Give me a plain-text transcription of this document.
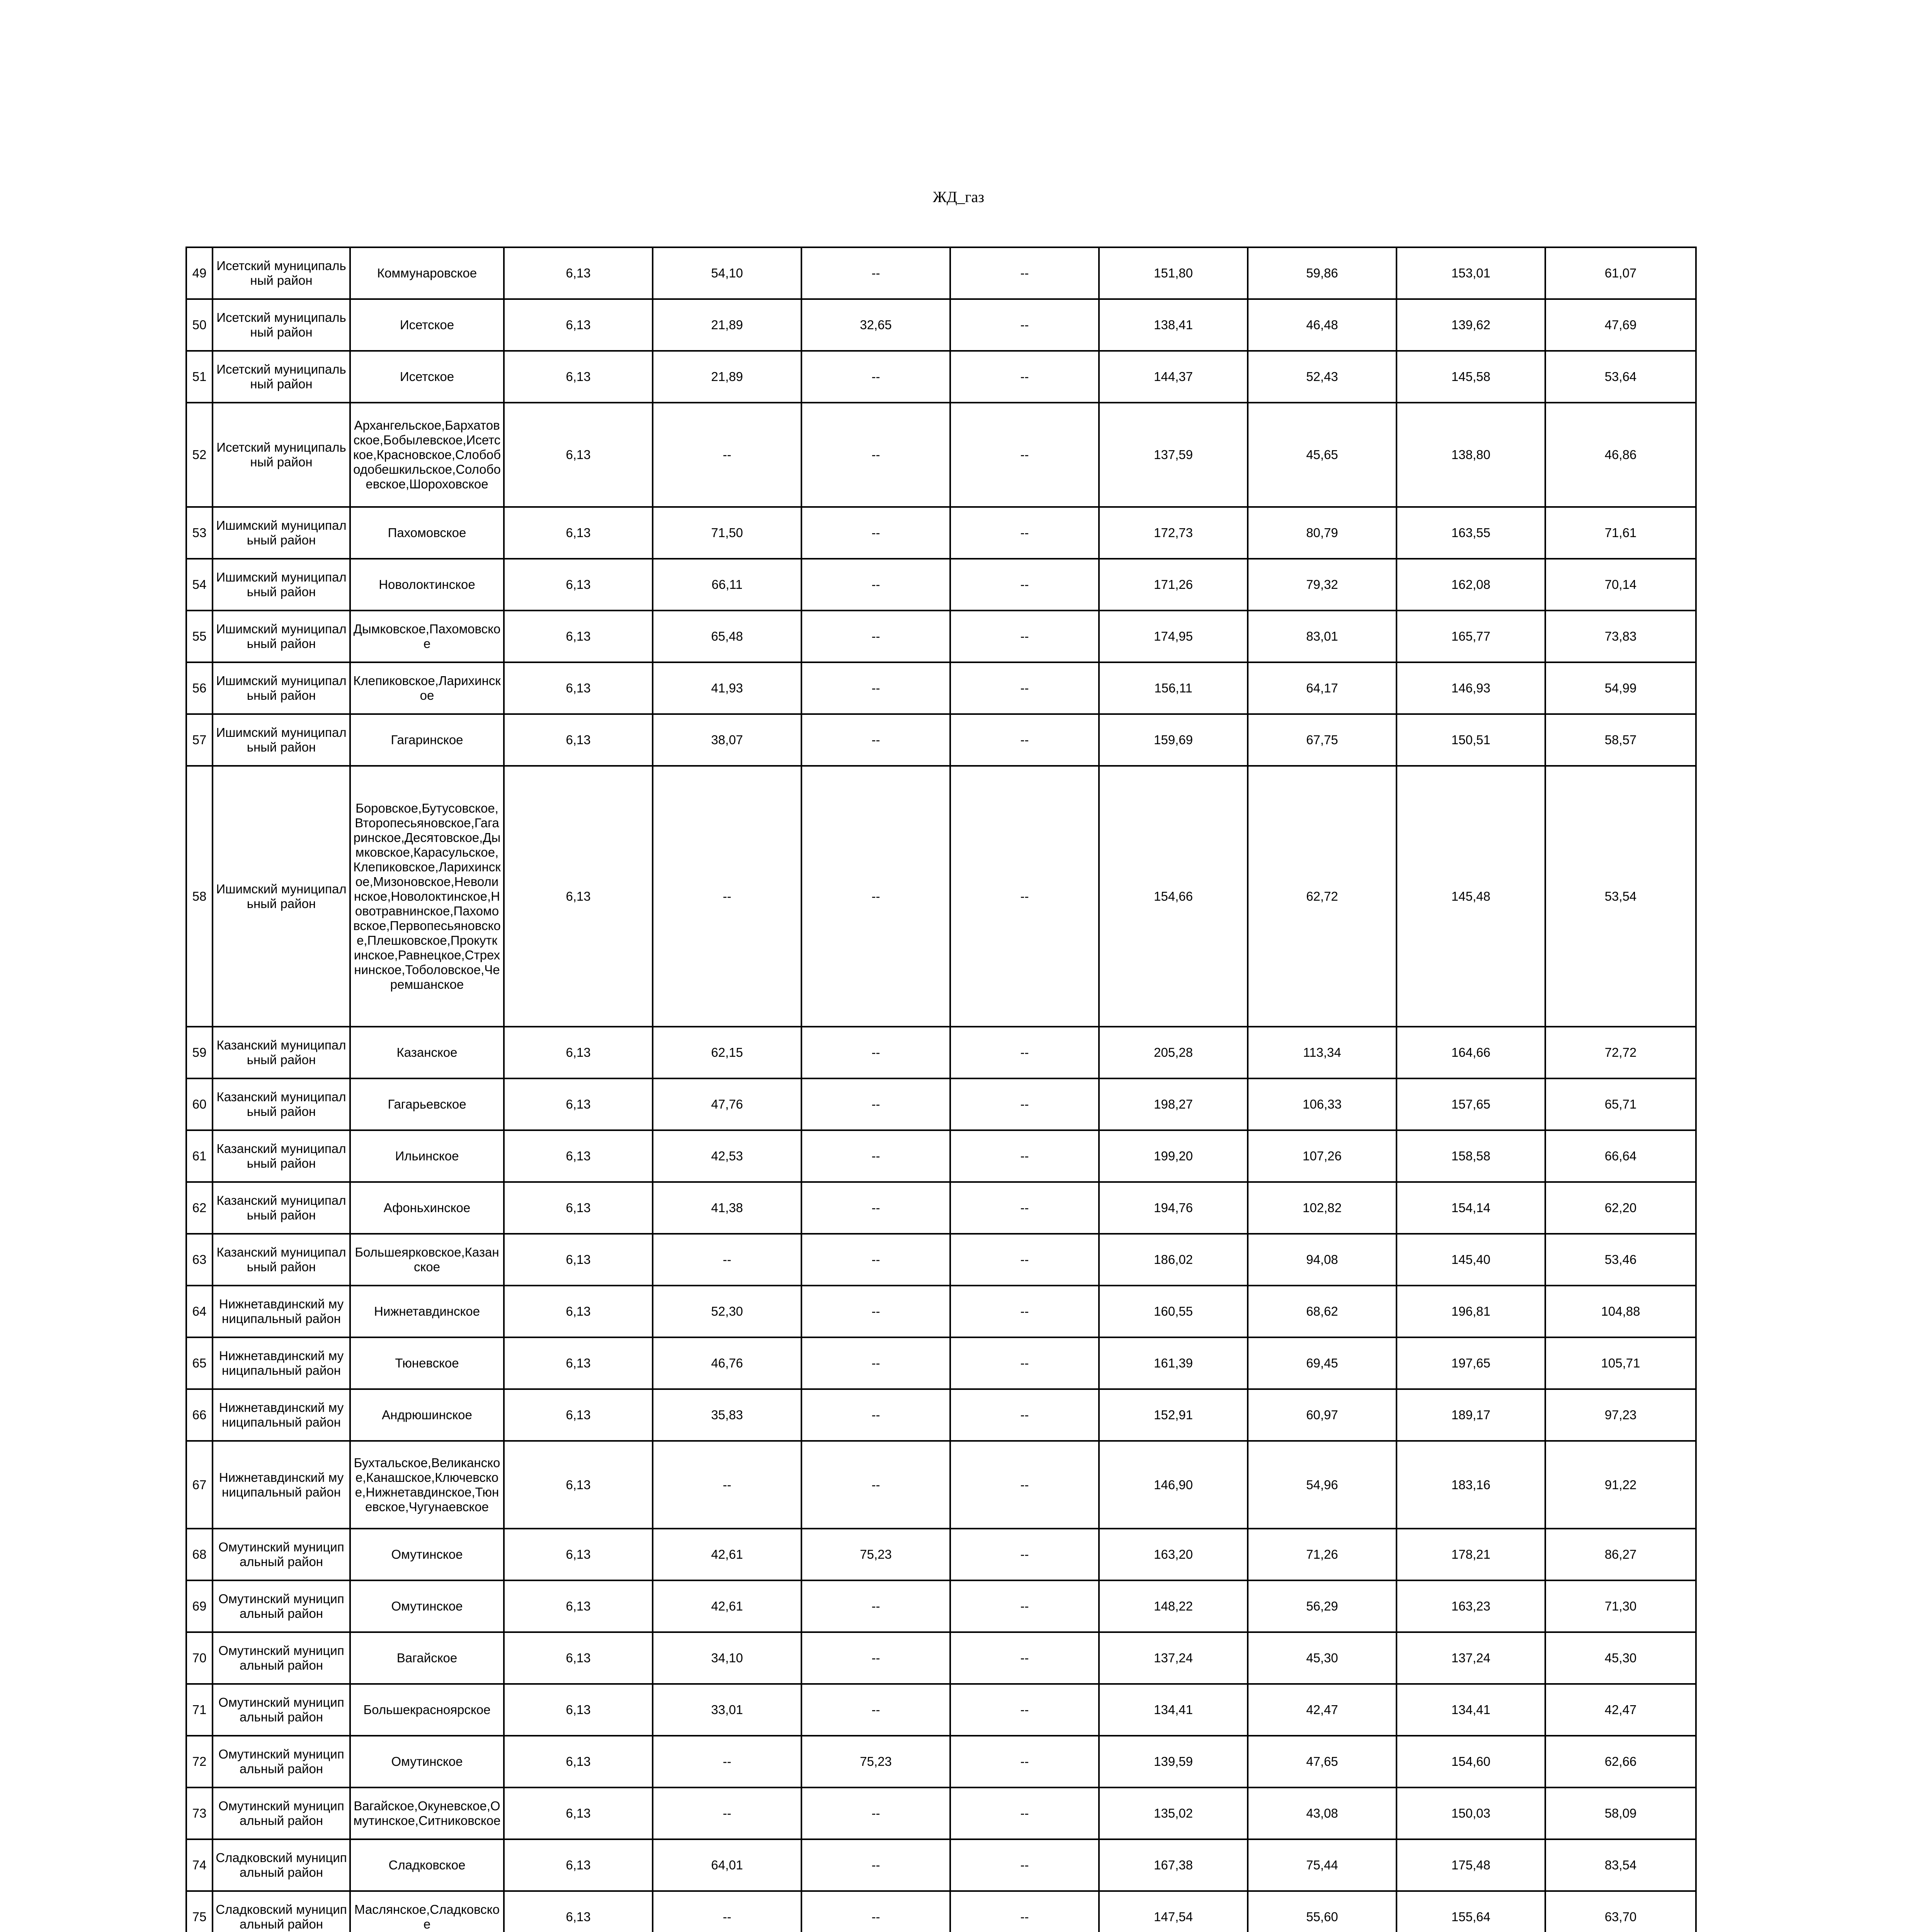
ЖД_газ
49	Исетский муниципальный район	Коммунаровское	6,13	54,10	--	--	151,80	59,86	153,01	61,07
50	Исетский муниципальный район	Исетское	6,13	21,89	32,65	--	138,41	46,48	139,62	47,69
51	Исетский муниципальный район	Исетское	6,13	21,89	--	--	144,37	52,43	145,58	53,64
52	Исетский муниципальный район	Архангельское,Бархатовское,Бобылевское,Исетское,Красновское,Слобободобешкильское,Солобоевское,Шороховское	6,13	--	--	--	137,59	45,65	138,80	46,86
53	Ишимский муниципальный район	Пахомовское	6,13	71,50	--	--	172,73	80,79	163,55	71,61
54	Ишимский муниципальный район	Новолоктинское	6,13	66,11	--	--	171,26	79,32	162,08	70,14
55	Ишимский муниципальный район	Дымковское,Пахомовское	6,13	65,48	--	--	174,95	83,01	165,77	73,83
56	Ишимский муниципальный район	Клепиковское,Ларихинское	6,13	41,93	--	--	156,11	64,17	146,93	54,99
57	Ишимский муниципальный район	Гагаринское	6,13	38,07	--	--	159,69	67,75	150,51	58,57
58	Ишимский муниципальный район	Боровское,Бутусовское,Второпесьяновское,Гагаринское,Десятовское,Дымковское,Карасульское,Клепиковское,Ларихинское,Мизоновское,Неволинское,Новолоктинское,Новотравнинское,Пахомовское,Первопесьяновское,Плешковское,Прокуткинское,Равнецкое,Стрехнинское,Тоболовское,Черемшанское	6,13	--	--	--	154,66	62,72	145,48	53,54
59	Казанский муниципальный район	Казанское	6,13	62,15	--	--	205,28	113,34	164,66	72,72
60	Казанский муниципальный район	Гагарьевское	6,13	47,76	--	--	198,27	106,33	157,65	65,71
61	Казанский муниципальный район	Ильинское	6,13	42,53	--	--	199,20	107,26	158,58	66,64
62	Казанский муниципальный район	Афоньхинское	6,13	41,38	--	--	194,76	102,82	154,14	62,20
63	Казанский муниципальный район	Большеярковское,Казанское	6,13	--	--	--	186,02	94,08	145,40	53,46
64	Нижнетавдинский муниципальный район	Нижнетавдинское	6,13	52,30	--	--	160,55	68,62	196,81	104,88
65	Нижнетавдинский муниципальный район	Тюневское	6,13	46,76	--	--	161,39	69,45	197,65	105,71
66	Нижнетавдинский муниципальный район	Андрюшинское	6,13	35,83	--	--	152,91	60,97	189,17	97,23
67	Нижнетавдинский муниципальный район	Бухтальское,Великанское,Канашское,Ключевское,Нижнетавдинское,Тюневское,Чугунаевское	6,13	--	--	--	146,90	54,96	183,16	91,22
68	Омутинский муниципальный район	Омутинское	6,13	42,61	75,23	--	163,20	71,26	178,21	86,27
69	Омутинский муниципальный район	Омутинское	6,13	42,61	--	--	148,22	56,29	163,23	71,30
70	Омутинский муниципальный район	Вагайское	6,13	34,10	--	--	137,24	45,30	137,24	45,30
71	Омутинский муниципальный район	Большекрасноярское	6,13	33,01	--	--	134,41	42,47	134,41	42,47
72	Омутинский муниципальный район	Омутинское	6,13	--	75,23	--	139,59	47,65	154,60	62,66
73	Омутинский муниципальный район	Вагайское,Окуневское,Омутинское,Ситниковское	6,13	--	--	--	135,02	43,08	150,03	58,09
74	Сладковский муниципальный район	Сладковское	6,13	64,01	--	--	167,38	75,44	175,48	83,54
75	Сладковский муниципальный район	Маслянское,Сладковское	6,13	--	--	--	147,54	55,60	155,64	63,70
